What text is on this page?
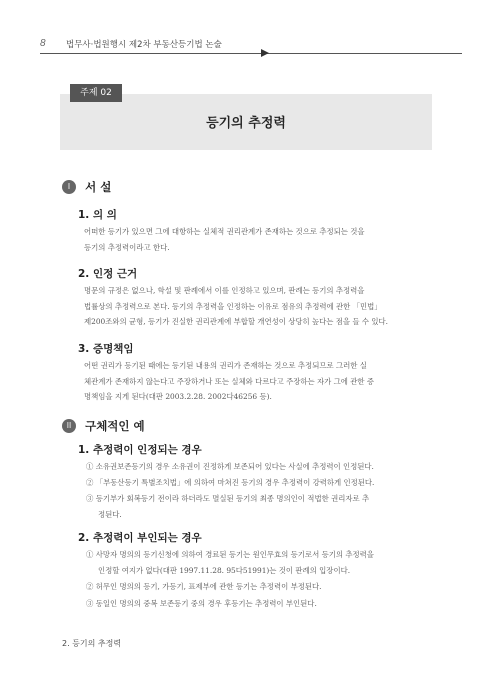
8 법무사·법원행시 제2차 부동산등기법 논술
주제 02
등기의 추정력
I 서 설
1. 의 의
어떠한 등기가 있으면 그에 대항하는 실체적 권리관계가 존재하는 것으로 추정되는 것을
등기의 추정력이라고 한다.
2. 인정 근거
명문의 규정은 없으나, 학설 및 판례에서 이를 인정하고 있으며, 판례는 등기의 추정력을
법률상의 추정력으로 본다. 등기의 추정력을 인정하는 이유로 점유의 추정력에 관한 「민법」
제200조와의 균형, 등기가 진실한 권리관계에 부합할 개연성이 상당히 높다는 점을 들 수 있다.
3. 증명책임
어떤 권리가 등기된 때에는 등기된 내용의 권리가 존재하는 것으로 추정되므로 그러한 실
체관계가 존재하지 않는다고 주장하거나 또는 실체와 다르다고 주장하는 자가 그에 관한 증
명책임을 지게 된다(대판 2003.2.28. 2002다46256 등).
II 구체적인 예
1. 추정력이 인정되는 경우
① 소유권보존등기의 경우 소유권이 진정하게 보존되어 있다는 사실에 추정력이 인정된다.
② 「부동산등기 특별조치법」에 의하여 마쳐진 등기의 경우 추정력이 강력하게 인정된다.
③ 등기부가 회복등기 전이라 하더라도 멸실된 등기의 최종 명의인이 적법한 권리자로 추
정된다.
2. 추정력이 부인되는 경우
① 사망자 명의의 등기신청에 의하여 경료된 등기는 원인무효의 등기로서 등기의 추정력을
인정할 여지가 없다(대판 1997.11.28. 95다51991)는 것이 판례의 입장이다.
② 허무인 명의의 등기, 가등기, 표제부에 관한 등기는 추정력이 부정된다.
③ 동일인 명의의 중복 보존등기 중의 경우 후등기는 추정력이 부인된다.
2. 등기의 추정력
